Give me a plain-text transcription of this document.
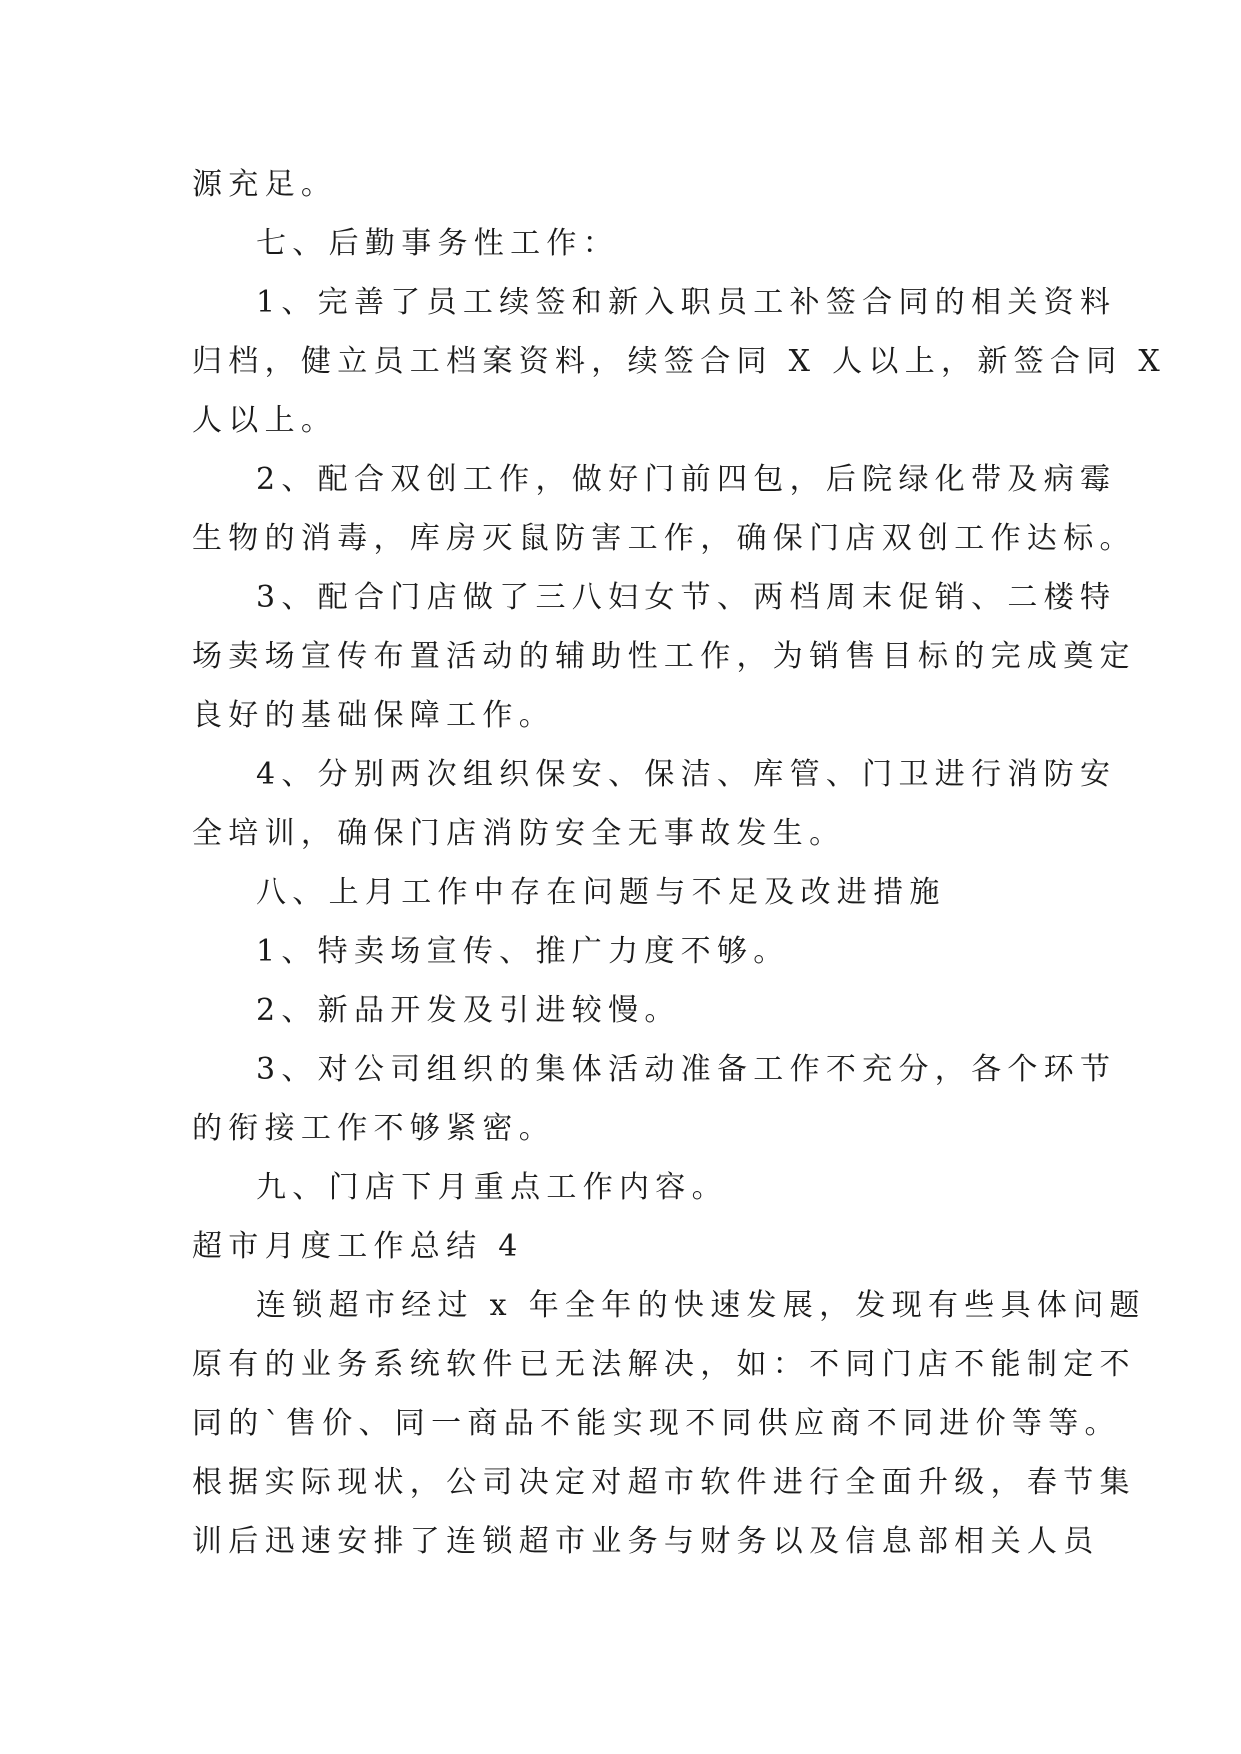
源充足。
七、后勤事务性工作：
1、完善了员工续签和新入职员工补签合同的相关资料
归档，健立员工档案资料，续签合同 X 人以上，新签合同 X
人以上。
2、配合双创工作，做好门前四包，后院绿化带及病霉
生物的消毒，库房灭鼠防害工作，确保门店双创工作达标。
3、配合门店做了三八妇女节、两档周末促销、二楼特
场卖场宣传布置活动的辅助性工作，为销售目标的完成奠定
良好的基础保障工作。
4、分别两次组织保安、保洁、库管、门卫进行消防安
全培训，确保门店消防安全无事故发生。
八、上月工作中存在问题与不足及改进措施
1、特卖场宣传、推广力度不够。
2、新品开发及引进较慢。
3、对公司组织的集体活动准备工作不充分，各个环节
的衔接工作不够紧密。
九、门店下月重点工作内容。
超市月度工作总结 4
连锁超市经过 x 年全年的快速发展，发现有些具体问题
原有的业务系统软件已无法解决，如：不同门店不能制定不
同的`售价、同一商品不能实现不同供应商不同进价等等。
根据实际现状，公司决定对超市软件进行全面升级，春节集
训后迅速安排了连锁超市业务与财务以及信息部相关人员
